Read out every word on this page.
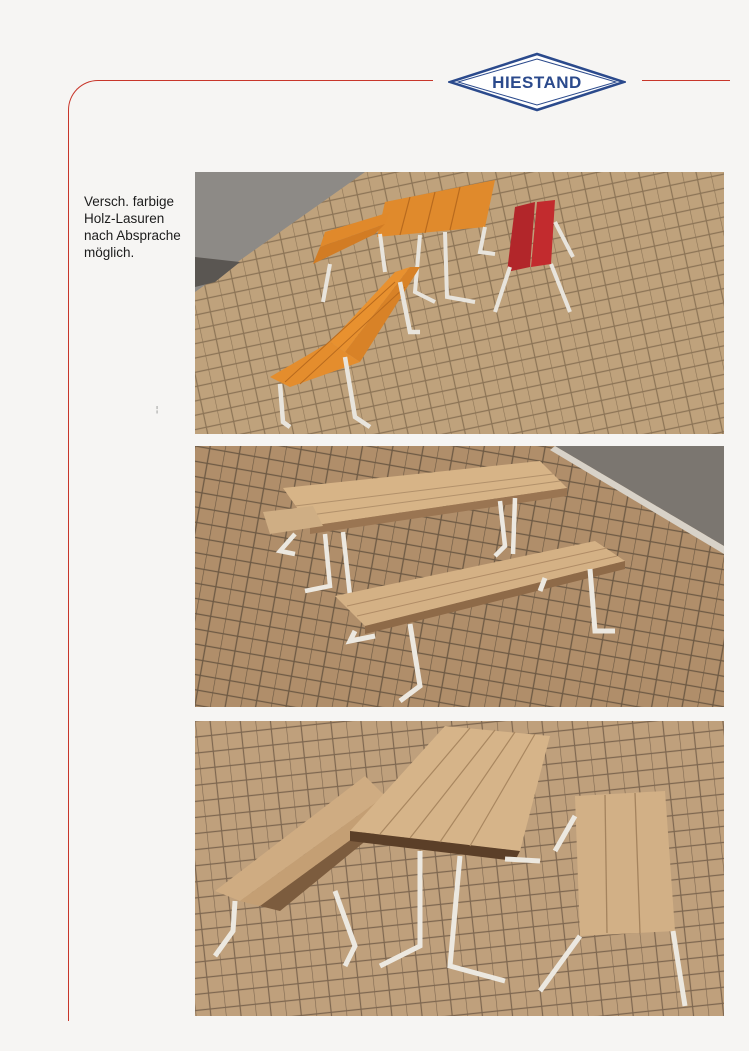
HIESTAND
Versch. farbige
Holz-Lasuren
nach Absprache
möglich.
¦
